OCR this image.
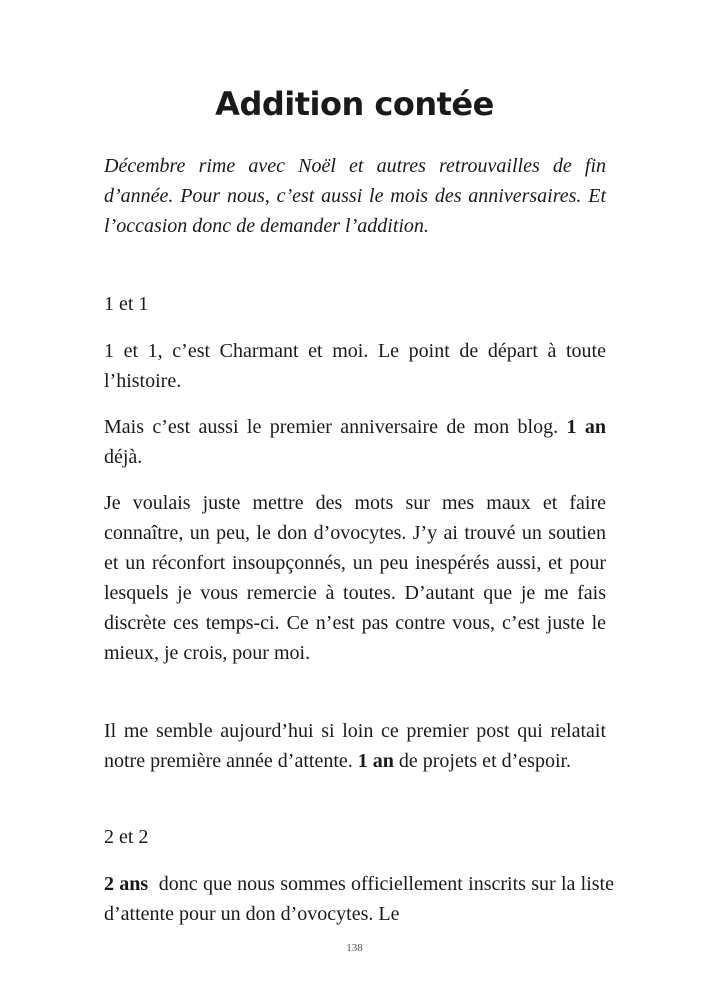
Addition contée

Décembre rime avec Noël et autres retrouvailles de fin d’année. Pour nous, c’est aussi le mois des anniversaires. Et l’occasion donc de demander l’addition.

1 et 1

1 et 1, c’est Charmant et moi. Le point de départ à toute l’histoire.

Mais c’est aussi le premier anniversaire de mon blog. 1 an déjà.

Je voulais juste mettre des mots sur mes maux et faire connaître, un peu, le don d’ovocytes. J’y ai trouvé un soutien et un réconfort insoupçonnés, un peu inespérés aussi, et pour lesquels je vous remercie à toutes. D’autant que je me fais discrète ces temps-ci. Ce n’est pas contre vous, c’est juste le mieux, je crois, pour moi.

Il me semble aujourd’hui si loin ce premier post qui relatait notre première année d’attente. 1 an de projets et d’espoir.

2 et 2

2 ans  donc que nous sommes officiellement inscrits sur la liste d’attente pour un don d’ovocytes. Le

138
